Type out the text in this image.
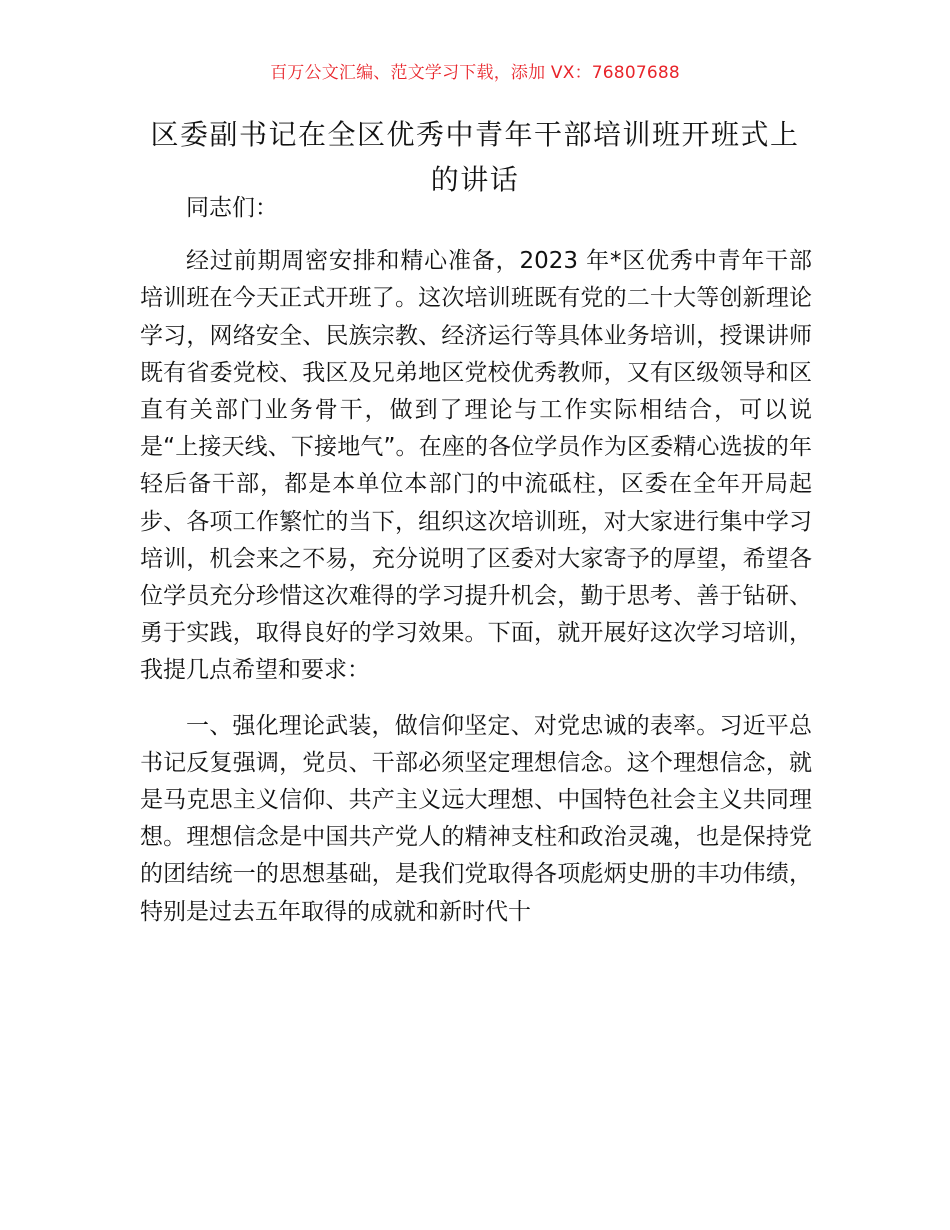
百万公文汇编、范文学习下载，添加 VX：76807688
区委副书记在全区优秀中青年干部培训班开班式上的讲话

同志们：

经过前期周密安排和精心准备，2023 年*区优秀中青年干部培训班在今天正式开班了。这次培训班既有党的二十大等创新理论学习，网络安全、民族宗教、经济运行等具体业务培训，授课讲师既有省委党校、我区及兄弟地区党校优秀教师，又有区级领导和区直有关部门业务骨干，做到了理论与工作实际相结合，可以说是“上接天线、下接地气”。在座的各位学员作为区委精心选拔的年轻后备干部，都是本单位本部门的中流砥柱，区委在全年开局起步、各项工作繁忙的当下，组织这次培训班，对大家进行集中学习培训，机会来之不易，充分说明了区委对大家寄予的厚望，希望各位学员充分珍惜这次难得的学习提升机会，勤于思考、善于钻研、勇于实践，取得良好的学习效果。下面，就开展好这次学习培训，我提几点希望和要求：

一、强化理论武装，做信仰坚定、对党忠诚的表率。习近平总书记反复强调，党员、干部必须坚定理想信念。这个理想信念，就是马克思主义信仰、共产主义远大理想、中国特色社会主义共同理想。理想信念是中国共产党人的精神支柱和政治灵魂，也是保持党的团结统一的思想基础，是我们党取得各项彪炳史册的丰功伟绩，特别是过去五年取得的成就和新时代十
